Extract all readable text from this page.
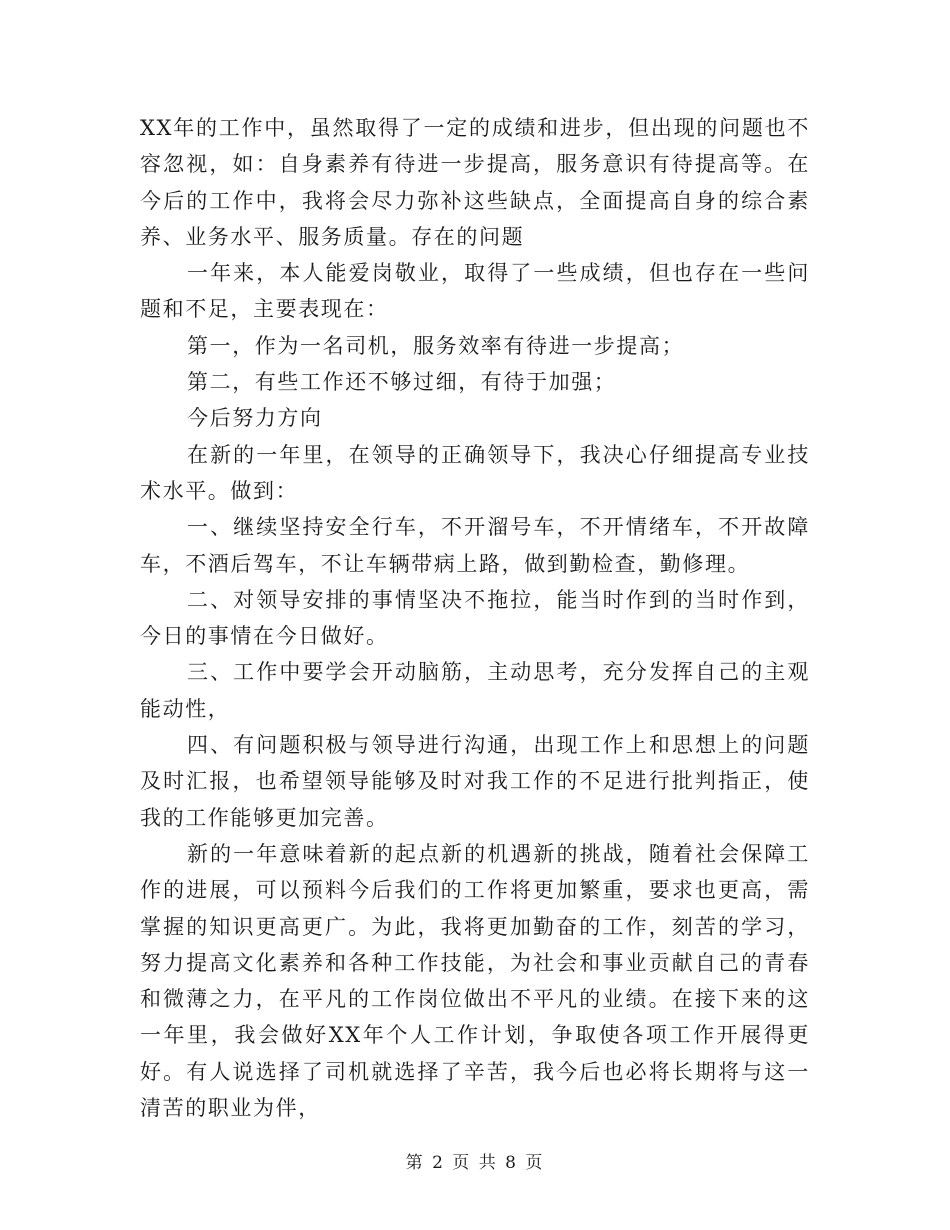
XX年的工作中，虽然取得了一定的成绩和进步，但出现的问题也不容忽视，如：自身素养有待进一步提高，服务意识有待提高等。在今后的工作中，我将会尽力弥补这些缺点，全面提高自身的综合素养、业务水平、服务质量。存在的问题

一年来，本人能爱岗敬业，取得了一些成绩，但也存在一些问题和不足，主要表现在：

第一，作为一名司机，服务效率有待进一步提高；

第二，有些工作还不够过细，有待于加强；

今后努力方向

在新的一年里，在领导的正确领导下，我决心仔细提高专业技术水平。做到：

一、继续坚持安全行车，不开溜号车，不开情绪车，不开故障车，不酒后驾车，不让车辆带病上路，做到勤检查，勤修理。

二、对领导安排的事情坚决不拖拉，能当时作到的当时作到，今日的事情在今日做好。

三、工作中要学会开动脑筋，主动思考，充分发挥自己的主观能动性，

四、有问题积极与领导进行沟通，出现工作上和思想上的问题及时汇报，也希望领导能够及时对我工作的不足进行批判指正，使我的工作能够更加完善。

新的一年意味着新的起点新的机遇新的挑战，随着社会保障工作的进展，可以预料今后我们的工作将更加繁重，要求也更高，需掌握的知识更高更广。为此，我将更加勤奋的工作，刻苦的学习，努力提高文化素养和各种工作技能，为社会和事业贡献自己的青春和微薄之力，在平凡的工作岗位做出不平凡的业绩。在接下来的这一年里，我会做好XX年个人工作计划，争取使各项工作开展得更好。有人说选择了司机就选择了辛苦，我今后也必将长期将与这一清苦的职业为伴，

第 2 页 共 8 页
